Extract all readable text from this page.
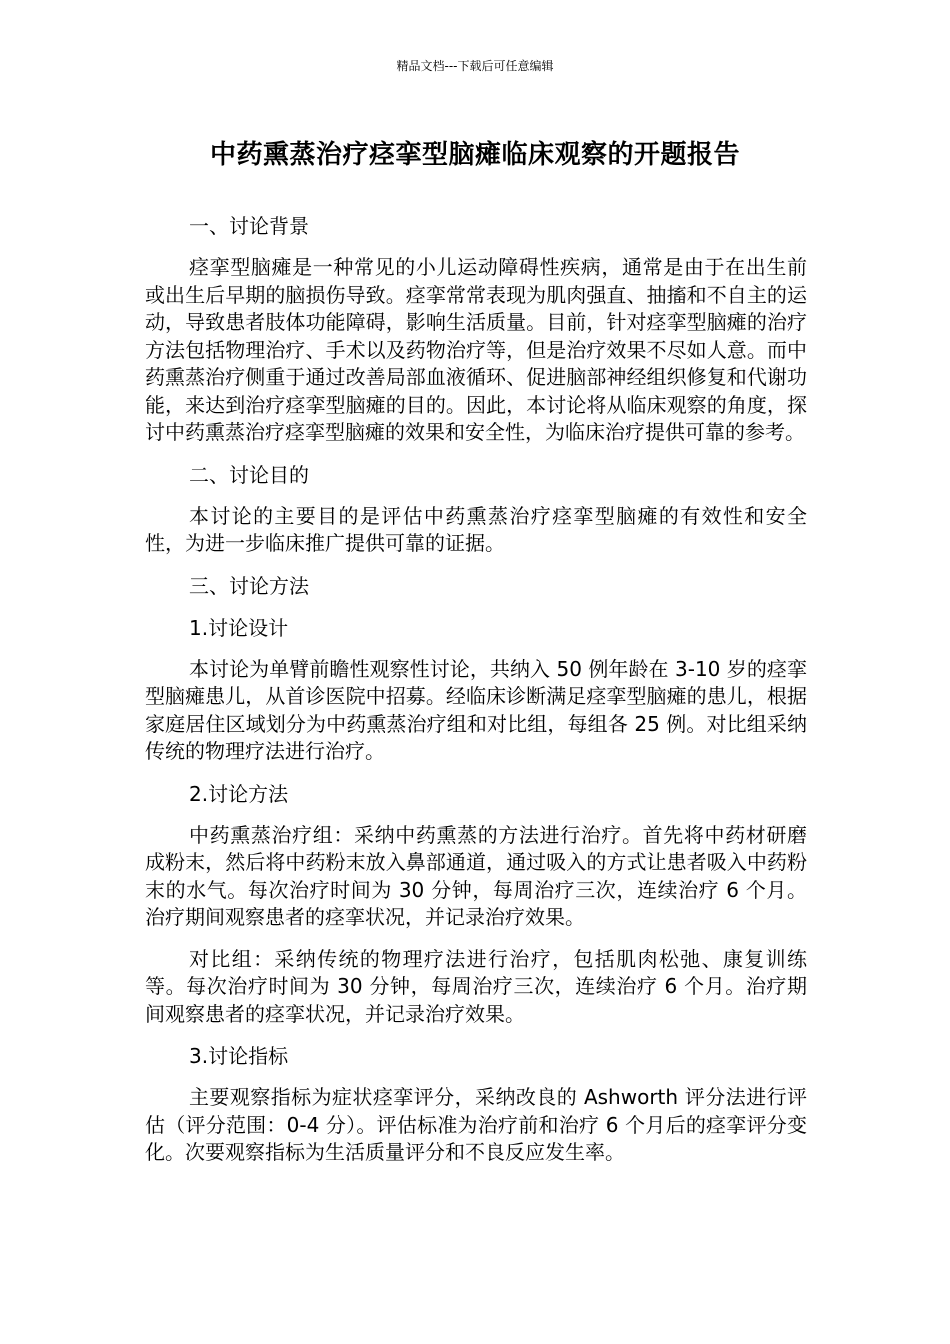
精品文档---下载后可任意编辑
中药熏蒸治疗痉挛型脑瘫临床观察的开题报告
一、讨论背景
痉挛型脑瘫是一种常见的小儿运动障碍性疾病，通常是由于在出生前或出生后早期的脑损伤导致。痉挛常常表现为肌肉强直、抽搐和不自主的运动，导致患者肢体功能障碍，影响生活质量。目前，针对痉挛型脑瘫的治疗方法包括物理治疗、手术以及药物治疗等，但是治疗效果不尽如人意。而中药熏蒸治疗侧重于通过改善局部血液循环、促进脑部神经组织修复和代谢功能，来达到治疗痉挛型脑瘫的目的。因此，本讨论将从临床观察的角度，探讨中药熏蒸治疗痉挛型脑瘫的效果和安全性，为临床治疗提供可靠的参考。
二、讨论目的
本讨论的主要目的是评估中药熏蒸治疗痉挛型脑瘫的有效性和安全性，为进一步临床推广提供可靠的证据。
三、讨论方法
1.讨论设计
本讨论为单臂前瞻性观察性讨论，共纳入 50 例年龄在 3-10 岁的痉挛型脑瘫患儿，从首诊医院中招募。经临床诊断满足痉挛型脑瘫的患儿，根据家庭居住区域划分为中药熏蒸治疗组和对比组，每组各 25 例。对比组采纳传统的物理疗法进行治疗。
2.讨论方法
中药熏蒸治疗组：采纳中药熏蒸的方法进行治疗。首先将中药材研磨成粉末，然后将中药粉末放入鼻部通道，通过吸入的方式让患者吸入中药粉末的水气。每次治疗时间为 30 分钟，每周治疗三次，连续治疗 6 个月。治疗期间观察患者的痉挛状况，并记录治疗效果。
对比组：采纳传统的物理疗法进行治疗，包括肌肉松弛、康复训练等。每次治疗时间为 30 分钟，每周治疗三次，连续治疗 6 个月。治疗期间观察患者的痉挛状况，并记录治疗效果。
3.讨论指标
主要观察指标为症状痉挛评分，采纳改良的 Ashworth 评分法进行评估（评分范围：0-4 分）。评估标准为治疗前和治疗 6 个月后的痉挛评分变化。次要观察指标为生活质量评分和不良反应发生率。
